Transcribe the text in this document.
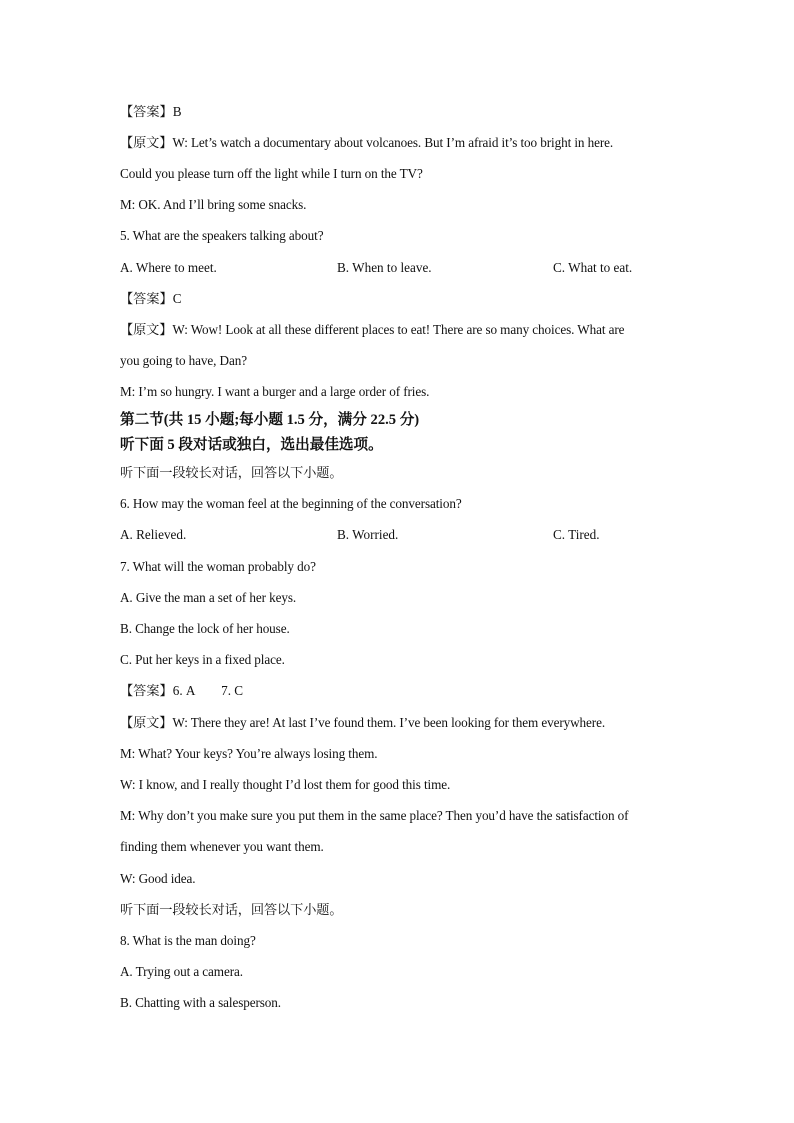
【答案】B
【原文】W: Let’s watch a documentary about volcanoes. But I’m afraid it’s too bright in here.
Could you please turn off the light while I turn on the TV?
M: OK. And I’ll bring some snacks.
5. What are the speakers talking about?
A. Where to meet.	B. When to leave.	C. What to eat.
【答案】C
【原文】W: Wow! Look at all these different places to eat! There are so many choices. What are
you going to have, Dan?
M: I’m so hungry. I want a burger and a large order of fries.
第二节(共 15 小题;每小题 1.5 分，满分 22.5 分)
听下面 5 段对话或独白，选出最佳选项。
听下面一段较长对话，回答以下小题。
6. How may the woman feel at the beginning of the conversation?
A. Relieved.	B. Worried.	C. Tired.
7. What will the woman probably do?
A. Give the man a set of her keys.
B. Change the lock of her house.
C. Put her keys in a fixed place.
【答案】6. A        7. C
【原文】W: There they are! At last I’ve found them. I’ve been looking for them everywhere.
M: What? Your keys? You’re always losing them.
W: I know, and I really thought I’d lost them for good this time.
M: Why don’t you make sure you put them in the same place? Then you’d have the satisfaction of
finding them whenever you want them.
W: Good idea.
听下面一段较长对话，回答以下小题。
8. What is the man doing?
A. Trying out a camera.
B. Chatting with a salesperson.
